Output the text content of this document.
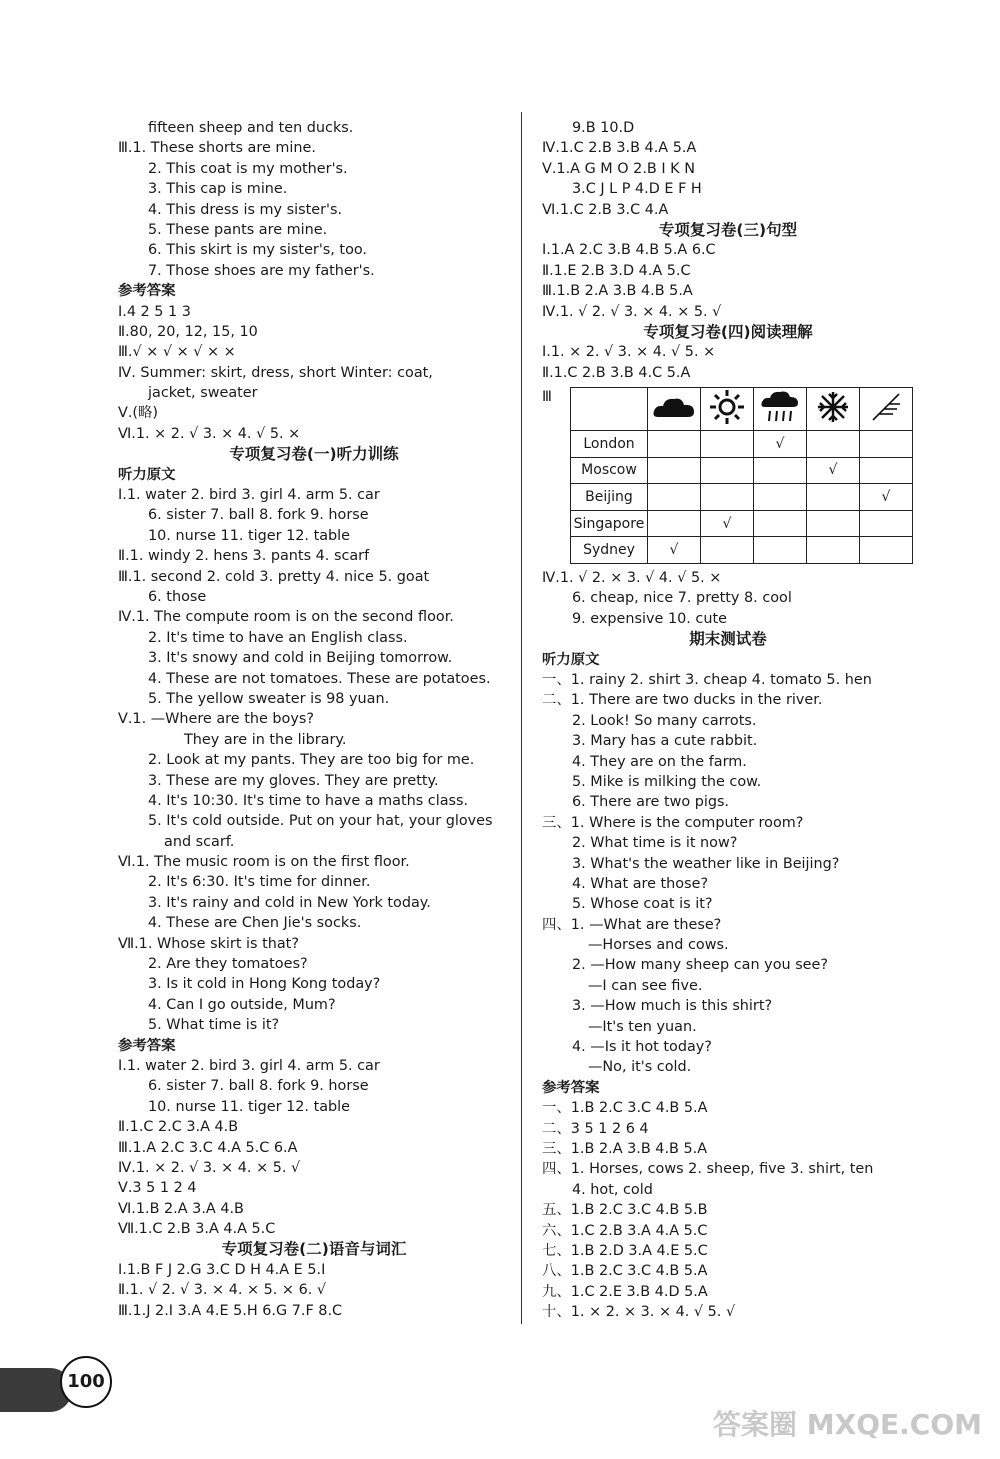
fifteen sheep and ten ducks.
Ⅲ.1. These shorts are mine.
2. This coat is my mother's.
3. This cap is mine.
4. This dress is my sister's.
5. These pants are mine.
6. This skirt is my sister's, too.
7. Those shoes are my father's.
参考答案
Ⅰ.4 2 5 1 3
Ⅱ.80, 20, 12, 15, 10
Ⅲ.√ × √ × √ × ×
Ⅳ. Summer: skirt, dress, short Winter: coat,
jacket, sweater
Ⅴ.(略)
Ⅵ.1. × 2. √ 3. × 4. √ 5. ×
专项复习卷(一)听力训练
听力原文
Ⅰ.1. water 2. bird 3. girl 4. arm 5. car
6. sister 7. ball 8. fork 9. horse
10. nurse 11. tiger 12. table
Ⅱ.1. windy 2. hens 3. pants 4. scarf
Ⅲ.1. second 2. cold 3. pretty 4. nice 5. goat
6. those
Ⅳ.1. The compute room is on the second floor.
2. It's time to have an English class.
3. It's snowy and cold in Beijing tomorrow.
4. These are not tomatoes. These are potatoes.
5. The yellow sweater is 98 yuan.
Ⅴ.1. —Where are the boys?
They are in the library.
2. Look at my pants. They are too big for me.
3. These are my gloves. They are pretty.
4. It's 10:30. It's time to have a maths class.
5. It's cold outside. Put on your hat, your gloves
and scarf.
Ⅵ.1. The music room is on the first floor.
2. It's 6:30. It's time for dinner.
3. It's rainy and cold in New York today.
4. These are Chen Jie's socks.
Ⅶ.1. Whose skirt is that?
2. Are they tomatoes?
3. Is it cold in Hong Kong today?
4. Can I go outside, Mum?
5. What time is it?
参考答案
Ⅰ.1. water 2. bird 3. girl 4. arm 5. car
6. sister 7. ball 8. fork 9. horse
10. nurse 11. tiger 12. table
Ⅱ.1.C 2.C 3.A 4.B
Ⅲ.1.A 2.C 3.C 4.A 5.C 6.A
Ⅳ.1. × 2. √ 3. × 4. × 5. √
Ⅴ.3 5 1 2 4
Ⅵ.1.B 2.A 3.A 4.B
Ⅶ.1.C 2.B 3.A 4.A 5.C
专项复习卷(二)语音与词汇
Ⅰ.1.B F J 2.G 3.C D H 4.A E 5.I
Ⅱ.1. √ 2. √ 3. × 4. × 5. × 6. √
Ⅲ.1.J 2.I 3.A 4.E 5.H 6.G 7.F 8.C
9.B 10.D
Ⅳ.1.C 2.B 3.B 4.A 5.A
Ⅴ.1.A G M O 2.B I K N
3.C J L P 4.D E F H
Ⅵ.1.C 2.B 3.C 4.A
专项复习卷(三)句型
Ⅰ.1.A 2.C 3.B 4.B 5.A 6.C
Ⅱ.1.E 2.B 3.D 4.A 5.C
Ⅲ.1.B 2.A 3.B 4.B 5.A
Ⅳ.1. √ 2. √ 3. × 4. × 5. √
专项复习卷(四)阅读理解
Ⅰ.1. × 2. √ 3. × 4. √ 5. ×
Ⅱ.1.C 2.B 3.B 4.C 5.A
Ⅲ

London			√		
Moscow				√	
Beijing					√
Singapore		√			
Sydney	√				
Ⅳ.1. √ 2. × 3. √ 4. √ 5. ×
6. cheap, nice 7. pretty 8. cool
9. expensive 10. cute
期末测试卷
听力原文
一、1. rainy 2. shirt 3. cheap 4. tomato 5. hen
二、1. There are two ducks in the river.
2. Look! So many carrots.
3. Mary has a cute rabbit.
4. They are on the farm.
5. Mike is milking the cow.
6. There are two pigs.
三、1. Where is the computer room?
2. What time is it now?
3. What's the weather like in Beijing?
4. What are those?
5. Whose coat is it?
四、1. —What are these?
—Horses and cows.
2. —How many sheep can you see?
—I can see five.
3. —How much is this shirt?
—It's ten yuan.
4. —Is it hot today?
—No, it's cold.
参考答案
一、1.B 2.C 3.C 4.B 5.A
二、3 5 1 2 6 4
三、1.B 2.A 3.B 4.B 5.A
四、1. Horses, cows 2. sheep, five 3. shirt, ten
4. hot, cold
五、1.B 2.C 3.C 4.B 5.B
六、1.C 2.B 3.A 4.A 5.C
七、1.B 2.D 3.A 4.E 5.C
八、1.B 2.C 3.C 4.B 5.A
九、1.C 2.E 3.B 4.D 5.A
十、1. × 2. × 3. × 4. √ 5. √
100
答案圈 MXQE.COM
